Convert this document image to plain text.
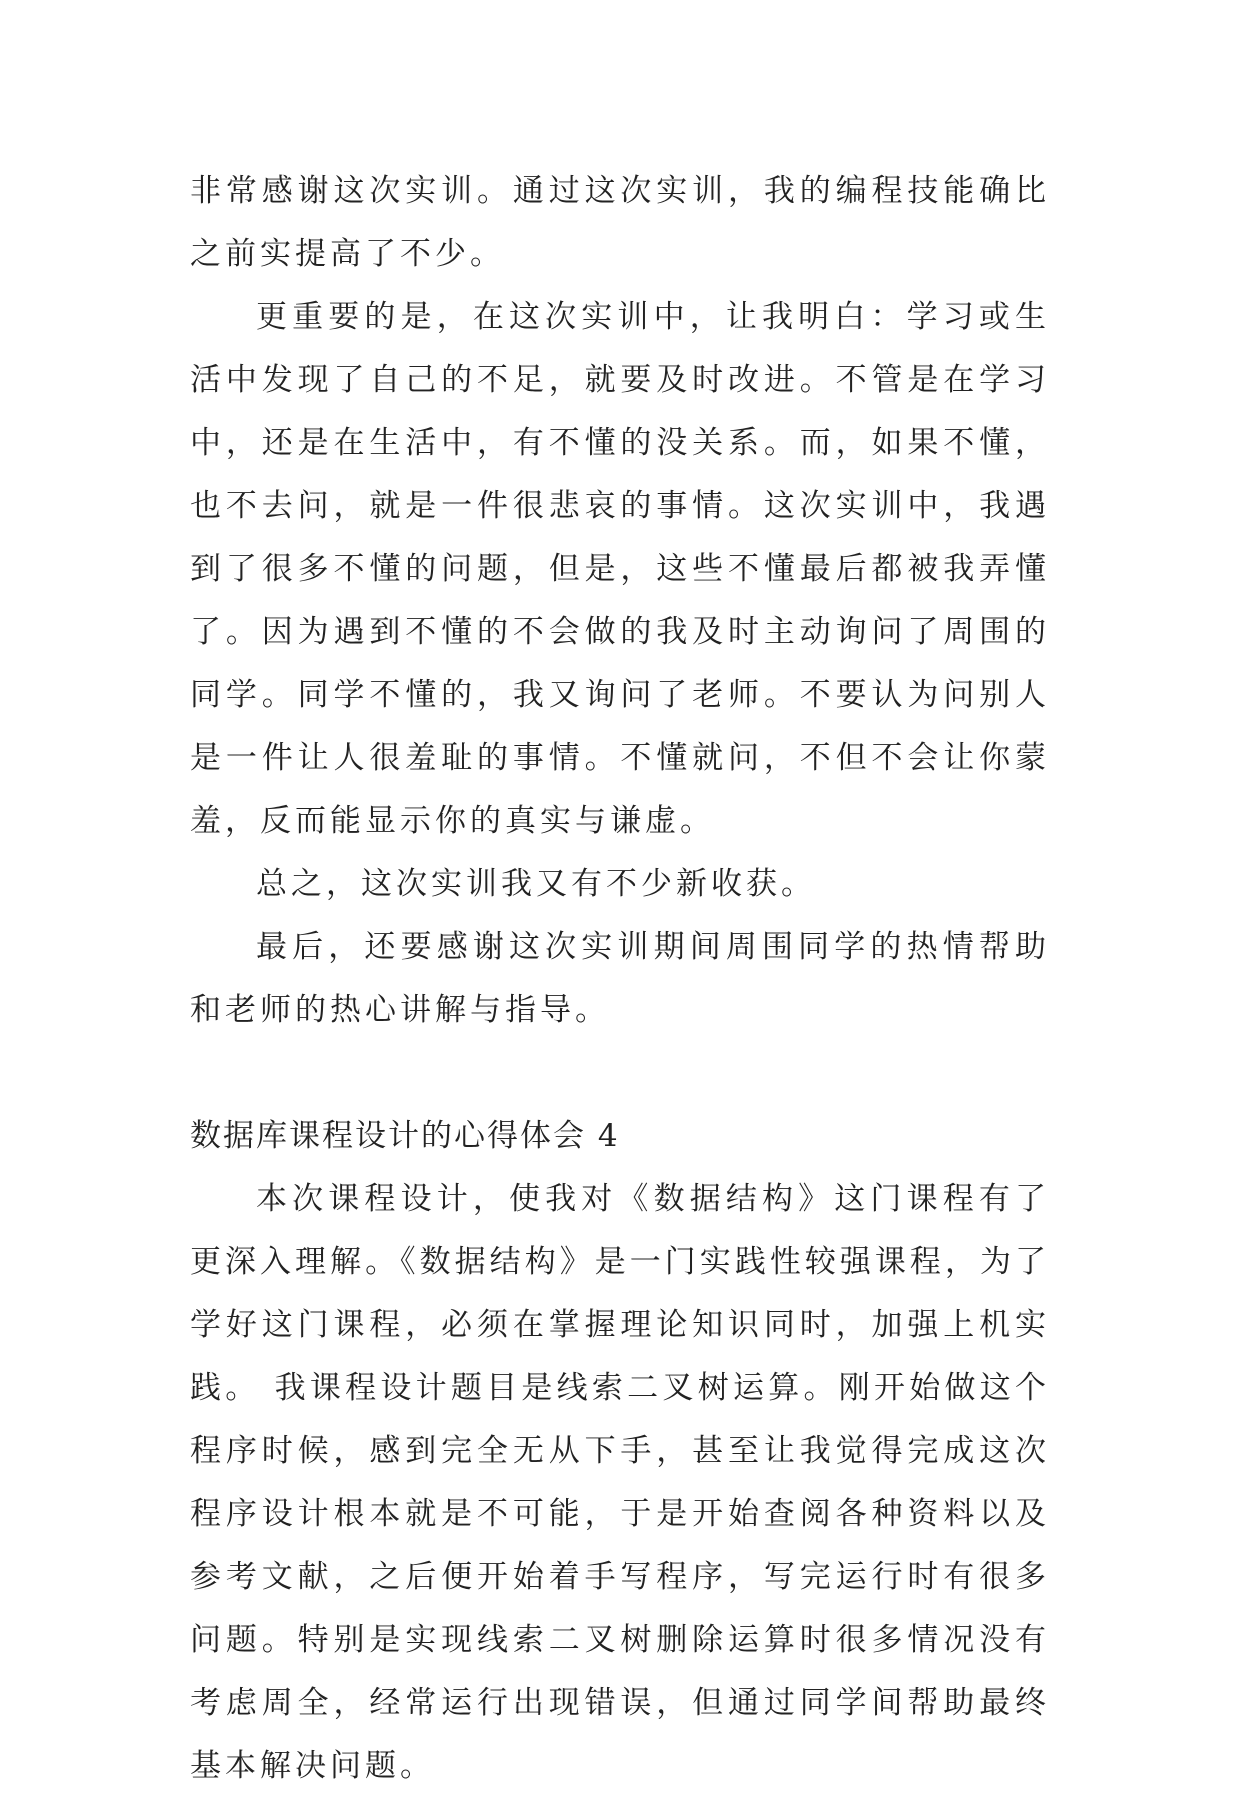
非常感谢这次实训。通过这次实训，我的编程技能确比之前实提高了不少。

更重要的是，在这次实训中，让我明白：学习或生活中发现了自己的不足，就要及时改进。不管是在学习中，还是在生活中，有不懂的没关系。而，如果不懂，也不去问，就是一件很悲哀的事情。这次实训中，我遇到了很多不懂的问题，但是，这些不懂最后都被我弄懂了。因为遇到不懂的不会做的我及时主动询问了周围的同学。同学不懂的，我又询问了老师。不要认为问别人是一件让人很羞耻的事情。不懂就问，不但不会让你蒙羞，反而能显示你的真实与谦虚。

总之，这次实训我又有不少新收获。

最后，还要感谢这次实训期间周围同学的热情帮助和老师的热心讲解与指导。

数据库课程设计的心得体会 4

本次课程设计，使我对《数据结构》这门课程有了更深入理解。《数据结构》是一门实践性较强课程，为了学好这门课程，必须在掌握理论知识同时，加强上机实践。 我课程设计题目是线索二叉树运算。刚开始做这个程序时候，感到完全无从下手，甚至让我觉得完成这次程序设计根本就是不可能，于是开始查阅各种资料以及参考文献，之后便开始着手写程序，写完运行时有很多问题。特别是实现线索二叉树删除运算时很多情况没有考虑周全，经常运行出现错误，但通过同学间帮助最终基本解决问题。
